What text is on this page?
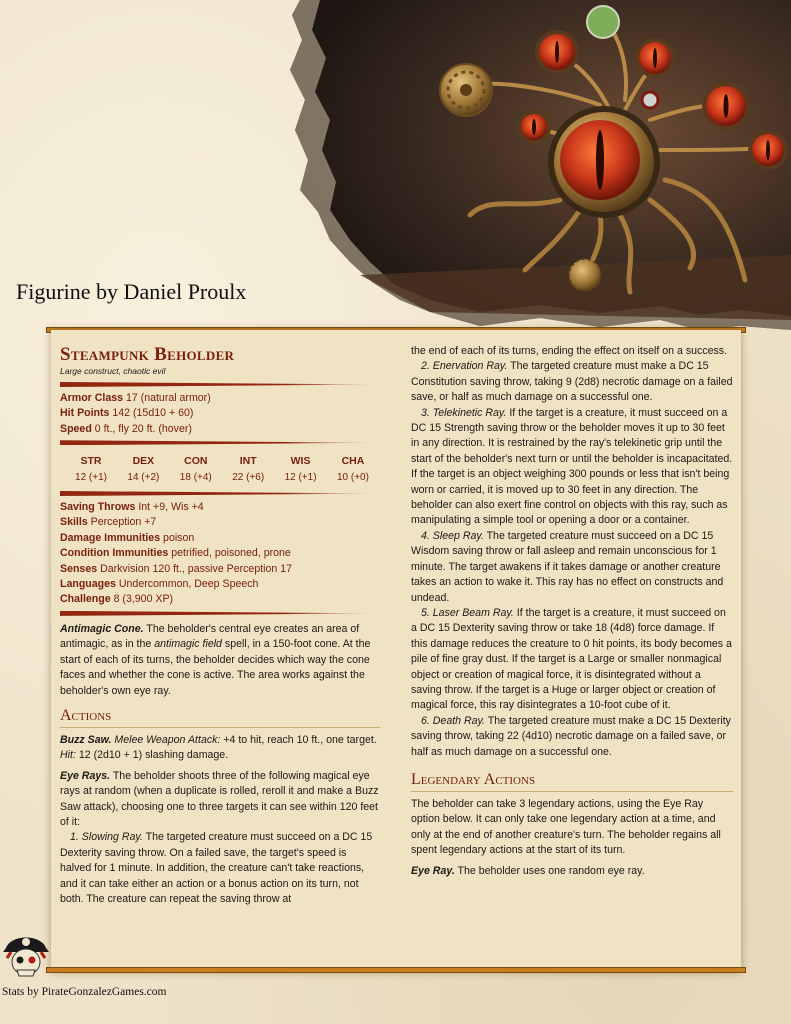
Figurine by Daniel Proulx
Steampunk Beholder
Large construct, chaotic evil
Armor Class 17 (natural armor)
Hit Points 142 (15d10 + 60)
Speed 0 ft., fly 20 ft. (hover)
STR
12 (+1)
DEX
14 (+2)
CON
18 (+4)
INT
22 (+6)
WIS
12 (+1)
CHA
10 (+0)
Saving Throws Int +9, Wis +4
Skills Perception +7
Damage Immunities poison
Condition Immunities petrified, poisoned, prone
Senses Darkvision 120 ft., passive Perception 17
Languages Undercommon, Deep Speech
Challenge 8 (3,900 XP)

Antimagic Cone. The beholder's central eye creates an area of antimagic, as in the antimagic field spell, in a 150-foot cone. At the start of each of its turns, the beholder decides which way the cone faces and whether the cone is active. The area works against the beholder's own eye ray.

Actions

Buzz Saw. Melee Weapon Attack: +4 to hit, reach 10 ft., one target. Hit: 12 (2d10 + 1) slashing damage.

Eye Rays. The beholder shoots three of the following magical eye rays at random (when a duplicate is rolled, reroll it and make a Buzz Saw attack), choosing one to three targets it can see within 120 feet of it:

1. Slowing Ray. The targeted creature must succeed on a DC 15 Dexterity saving throw. On a failed save, the target's speed is halved for 1 minute. In addition, the creature can't take reactions, and it can take either an action or a bonus action on its turn, not both. The creature can repeat the saving throw at

the end of each of its turns, ending the effect on itself on a success.

2. Enervation Ray. The targeted creature must make a DC 15 Constitution saving throw, taking 9 (2d8) necrotic damage on a failed save, or half as much damage on a successful one.

3. Telekinetic Ray. If the target is a creature, it must succeed on a DC 15 Strength saving throw or the beholder moves it up to 30 feet in any direction. It is restrained by the ray's telekinetic grip until the start of the beholder's next turn or until the beholder is incapacitated. If the target is an object weighing 300 pounds or less that isn't being worn or carried, it is moved up to 30 feet in any direction. The beholder can also exert fine control on objects with this ray, such as manipulating a simple tool or opening a door or a container.

4. Sleep Ray. The targeted creature must succeed on a DC 15 Wisdom saving throw or fall asleep and remain unconscious for 1 minute. The target awakens if it takes damage or another creature takes an action to wake it. This ray has no effect on constructs and undead.

5. Laser Beam Ray. If the target is a creature, it must succeed on a DC 15 Dexterity saving throw or take 18 (4d8) force damage. If this damage reduces the creature to 0 hit points, its body becomes a pile of fine gray dust. If the target is a Large or smaller nonmagical object or creation of magical force, it is disintegrated without a saving throw. If the target is a Huge or larger object or creation of magical force, this ray disintegrates a 10-foot cube of it.

6. Death Ray. The targeted creature must make a DC 15 Dexterity saving throw, taking 22 (4d10) necrotic damage on a failed save, or half as much damage on a successful one.

Legendary Actions

The beholder can take 3 legendary actions, using the Eye Ray option below. It can only take one legendary action at a time, and only at the end of another creature's turn. The beholder regains all spent legendary actions at the start of its turn.

Eye Ray. The beholder uses one random eye ray.

Stats by PirateGonzalezGames.com
